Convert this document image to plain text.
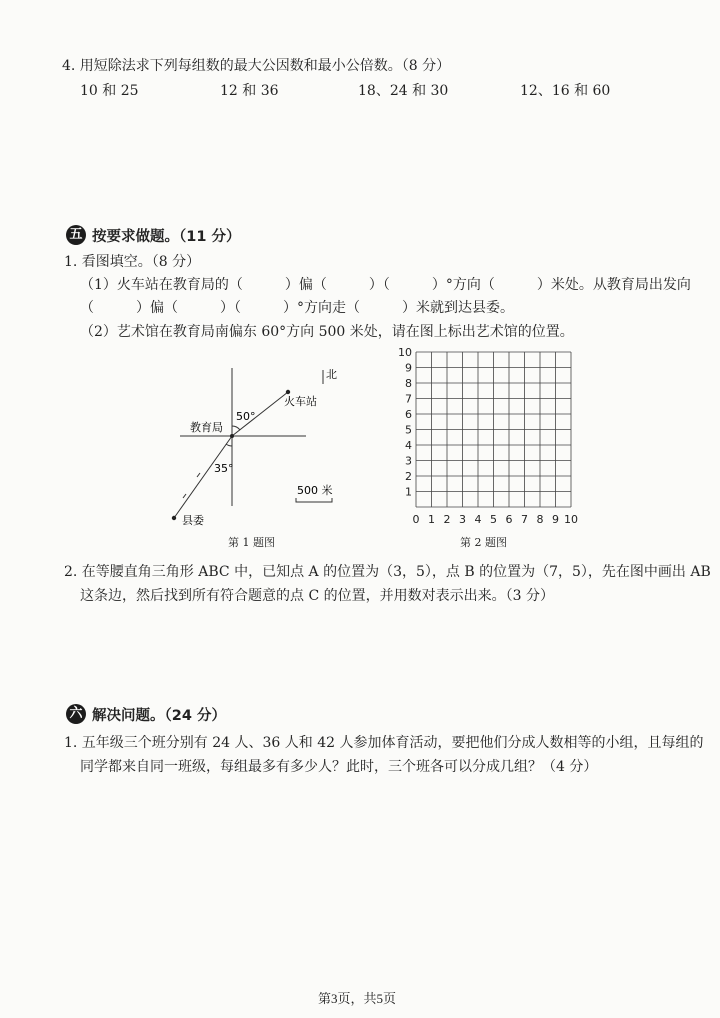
4. 用短除法求下列每组数的最大公因数和最小公倍数。（8 分）
10 和 25	12 和 36	18、24 和 30	12、16 和 60
五 按要求做题。（11 分）
1. 看图填空。（8 分）
（1）火车站在教育局的（　　　）偏（　　　）（　　　）°方向（　　　）米处。从教育局出发向
（　　　）偏（　　　）（　　　）°方向走（　　　）米就到达县委。
（2）艺术馆在教育局南偏东 60°方向 500 米处，请在图上标出艺术馆的位置。
北
火车站
县委
教育局
50°
35°
500 米
第 1 题图
10
9
8
7
6
5
4
3
2
1
0 1 2 3 4 5 6 7 8 9 10
第 2 题图
2. 在等腰直角三角形 ABC 中，已知点 A 的位置为（3，5），点 B 的位置为（7，5），先在图中画出 AB
这条边，然后找到所有符合题意的点 C 的位置，并用数对表示出来。（3 分）
六 解决问题。（24 分）
1. 五年级三个班分别有 24 人、36 人和 42 人参加体育活动，要把他们分成人数相等的小组，且每组的
同学都来自同一班级，每组最多有多少人？此时，三个班各可以分成几组？（4 分）
第3页，共5页
